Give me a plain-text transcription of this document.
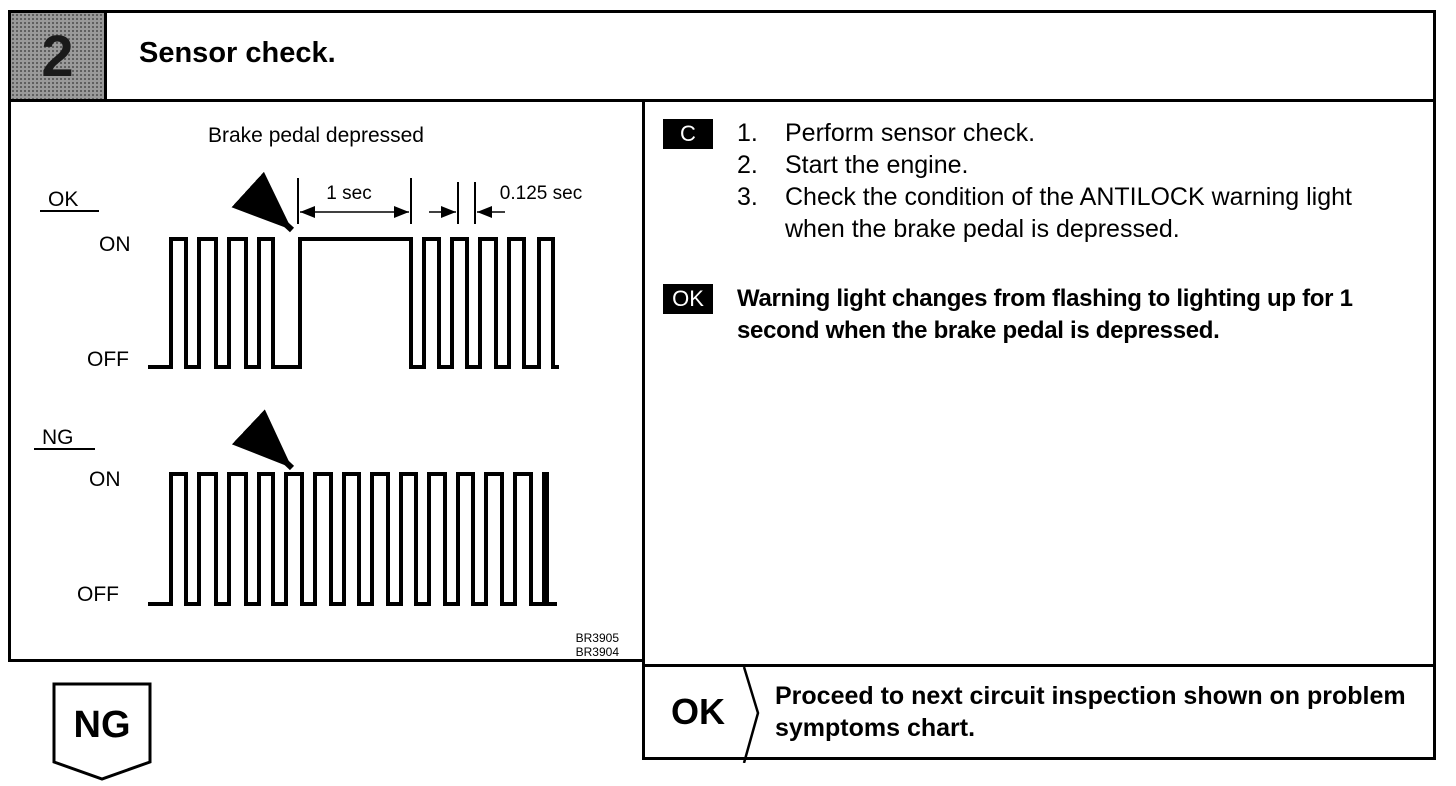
2 Sensor check.
Brake pedal depressed
OK
ON
OFF
1 sec	0.125 sec
NG
ON
OFF
BR3905
BR3904
C	1.	Perform sensor check.
2.	Start the engine.
3.	Check the condition of the ANTILOCK warning light when the brake pedal is depressed.
OK	Warning light changes from flashing to lighting up for 1 second when the brake pedal is depressed.
OK Proceed to next circuit inspection shown on problem symptoms chart.
NG
